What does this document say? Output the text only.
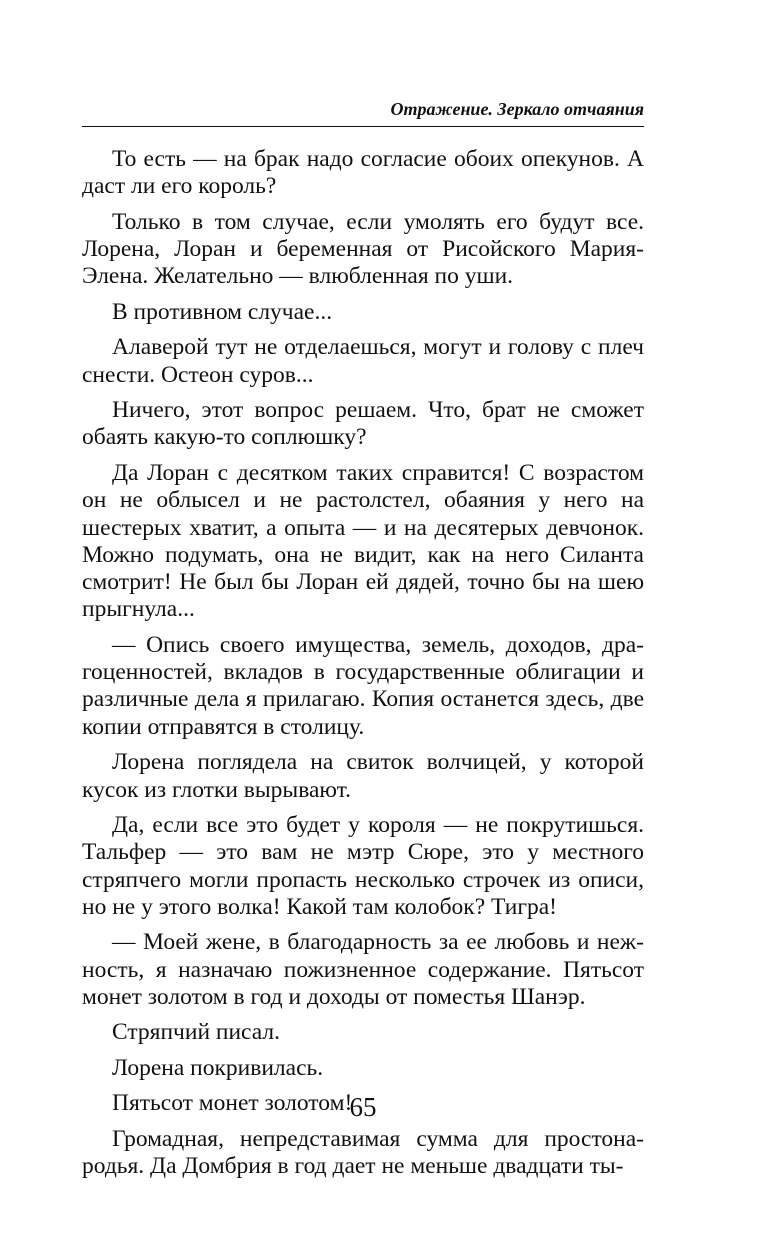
Отражение. Зеркало отчаяния

То есть — на брак надо согласие обоих опекунов. А даст ли его король?

Только в том случае, если умолять его будут все. Лорена, Лоран и беременная от Рисойского Мария-Элена. Желательно — влюбленная по уши.

В противном случае...

Алаверой тут не отделаешься, могут и голову с плеч снести. Остеон суров...

Ничего, этот вопрос решаем. Что, брат не сможет обаять какую-то соплюшку?

Да Лоран с десятком таких справится! С возрастом он не облысел и не растолстел, обаяния у него на шестерых хватит, а опыта — и на десятерых девчонок. Можно подумать, она не видит, как на него Силанта смотрит! Не был бы Лоран ей дядей, точно бы на шею прыгнула...

— Опись своего имущества, земель, доходов, драгоценностей, вкладов в государственные облигации и различные дела я прилагаю. Копия останется здесь, две копии отправятся в столицу.

Лорена поглядела на свиток волчицей, у которой кусок из глотки вырывают.

Да, если все это будет у короля — не покрутишься. Тальфер — это вам не мэтр Сюре, это у местного стряпчего могли пропасть несколько строчек из описи, но не у этого волка! Какой там колобок? Тигра!

— Моей жене, в благодарность за ее любовь и нежность, я назначаю пожизненное содержание. Пятьсот монет золотом в год и доходы от поместья Шанэр.

Стряпчий писал.

Лорена покривилась.

Пятьсот монет золотом!

Громадная, непредставимая сумма для простонародья. Да Домбрия в год дает не меньше двадцати ты-

65
